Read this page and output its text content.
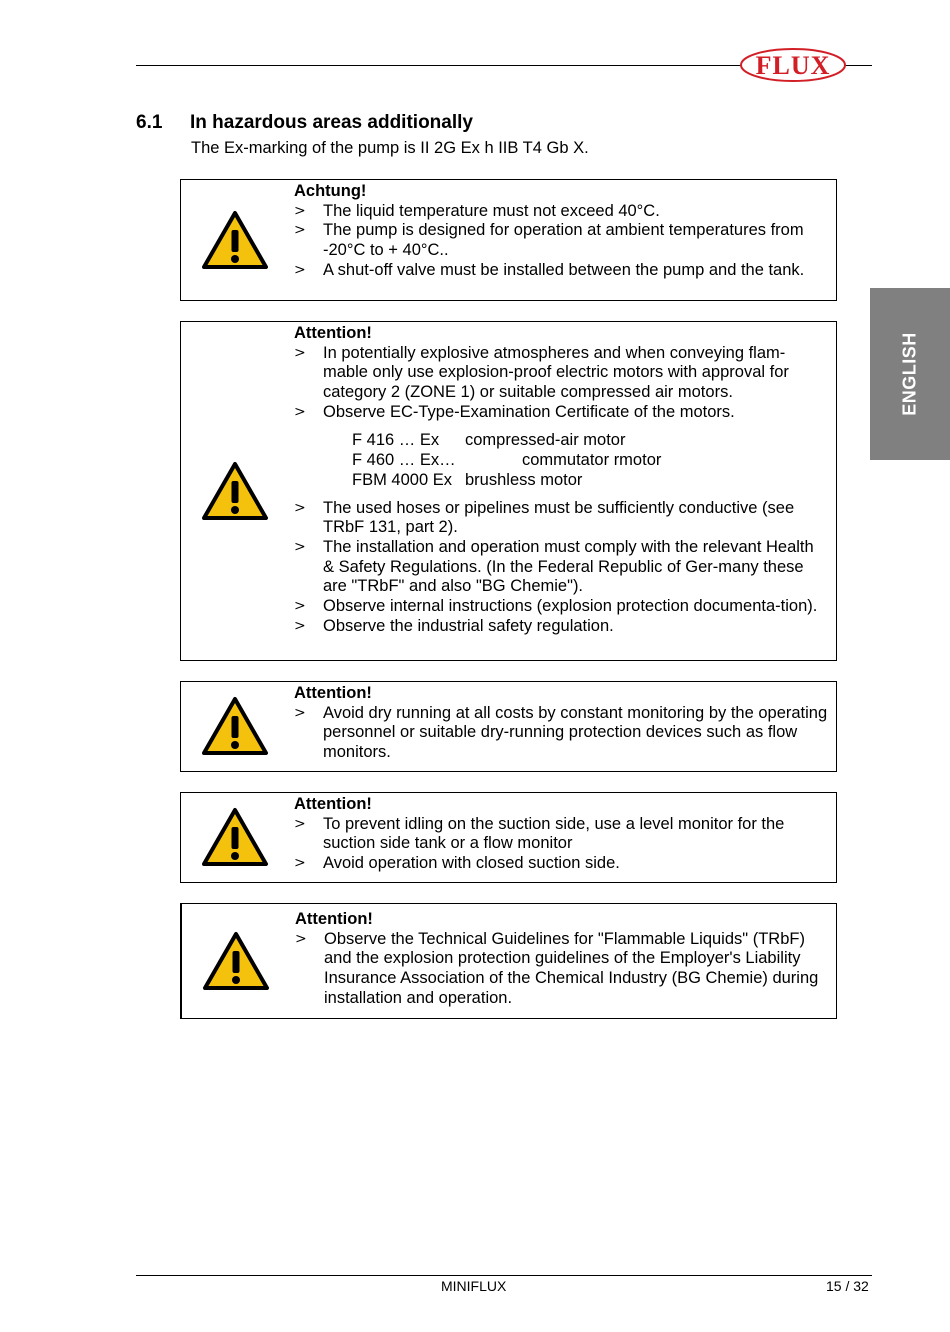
FLUX
6.1 In hazardous areas additionally
The Ex-marking of the pump is II 2G Ex h IIB T4 Gb X.
ENGLISH
Achtung!
> The liquid temperature must not exceed 40°C.
> The pump is designed for operation at ambient temperatures from -20°C to + 40°C..
> A shut-off valve must be installed between the pump and the tank.
Attention!
> In potentially explosive atmospheres and when conveying flam-mable only use explosion-proof electric motors with approval for category 2 (ZONE 1) or suitable compressed air motors.
> Observe EC-Type-Examination Certificate of the motors.
F 416 … Ex compressed-air motor
F 460 … Ex…	commutator rmotor
FBM 4000 Ex brushless motor
> The used hoses or pipelines must be sufficiently conductive (see TRbF 131, part 2).
> The installation and operation must comply with the relevant Health & Safety Regulations. (In the Federal Republic of Ger-many these are "TRbF" and also "BG Chemie").
> Observe internal instructions (explosion protection documenta-tion).
> Observe the industrial safety regulation.
Attention!
> Avoid dry running at all costs by constant monitoring by the operating personnel or suitable dry-running protection devices such as flow monitors.
Attention!
> To prevent idling on the suction side, use a level monitor for the suction side tank or a flow monitor
> Avoid operation with closed suction side.
Attention!
> Observe the Technical Guidelines for "Flammable Liquids" (TRbF) and the explosion protection guidelines of the Employer's Liability Insurance Association of the Chemical Industry (BG Chemie) during installation and operation.
MINIFLUX	15 / 32
